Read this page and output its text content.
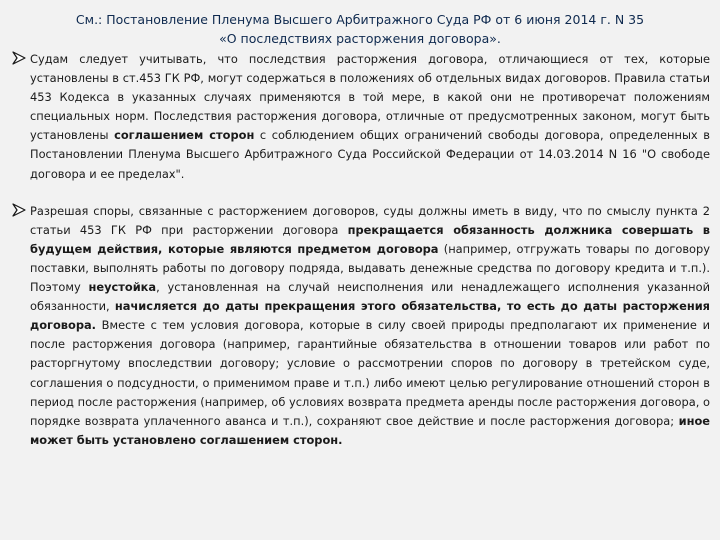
См.: Постановление Пленума Высшего Арбитражного Суда РФ от 6 июня 2014 г. N 35
«О последствиях расторжения договора».

Судам следует учитывать, что последствия расторжения договора, отличающиеся от тех, которые установлены в ст.453 ГК РФ, могут содержаться в положениях об отдельных видах договоров. Правила статьи 453 Кодекса в указанных случаях применяются в той мере, в какой они не противоречат положениям специальных норм. Последствия расторжения договора, отличные от предусмотренных законом, могут быть установлены соглашением сторон с соблюдением общих ограничений свободы договора, определенных в Постановлении Пленума Высшего Арбитражного Суда Российской Федерации от 14.03.2014 N 16 "О свободе договора и ее пределах".

Разрешая споры, связанные с расторжением договоров, суды должны иметь в виду, что по смыслу пункта 2 статьи 453 ГК РФ при расторжении договора прекращается обязанность должника совершать в будущем действия, которые являются предметом договора (например, отгружать товары по договору поставки, выполнять работы по договору подряда, выдавать денежные средства по договору кредита и т.п.). Поэтому неустойка, установленная на случай неисполнения или ненадлежащего исполнения указанной обязанности, начисляется до даты прекращения этого обязательства, то есть до даты расторжения договора. Вместе с тем условия договора, которые в силу своей природы предполагают их применение и после расторжения договора (например, гарантийные обязательства в отношении товаров или работ по расторгнутому впоследствии договору; условие о рассмотрении споров по договору в третейском суде, соглашения о подсудности, о применимом праве и т.п.) либо имеют целью регулирование отношений сторон в период после расторжения (например, об условиях возврата предмета аренды после расторжения договора, о порядке возврата уплаченного аванса и т.п.), сохраняют свое действие и после расторжения договора; иное может быть установлено соглашением сторон.
